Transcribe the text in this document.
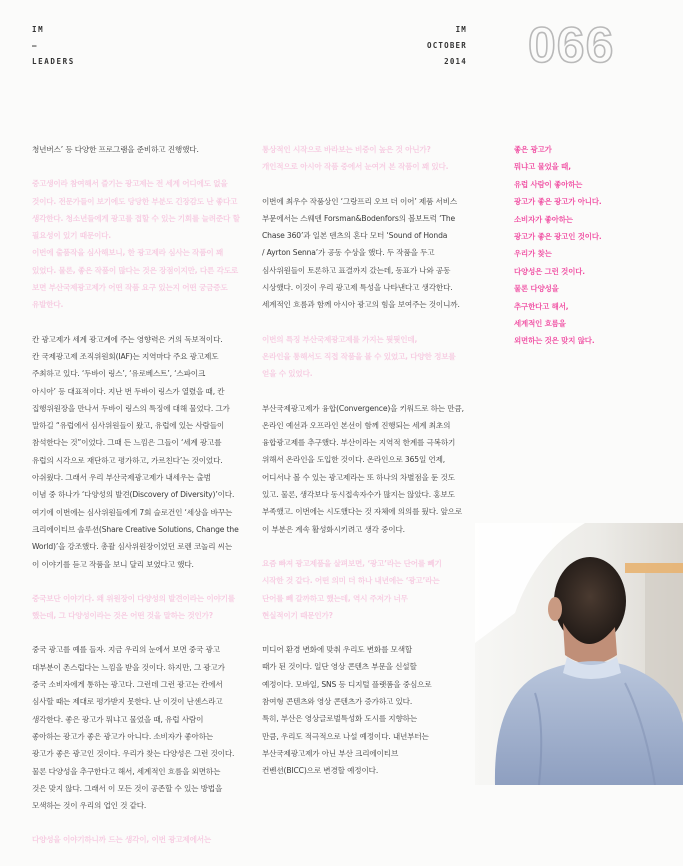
IM
–
LEADERS
IM
OCTOBER
2014 066
청년버스’ 등 다양한 프로그램을 준비하고 진행했다.
중고생이라 참여해서 즐기는 광고제는 전 세계 어디에도 없을
것이다. 전문가들이 보기에도 당당한 부분도 긴장감도 난 좋다고
생각한다. 청소년들에게 광고를 접할 수 있는 기회를 늘려준다 할
필요성이 있기 때문이다.
이번에 출품작을 심사해보니, 한 광고제라 심사는 작품이 꽤
있었다. 물론, 좋은 작품이 많다는 것은 장점이지만, 다른 각도로
보면 부산국제광고제가 어떤 작품 요구 있는지 어떤 궁금증도
유발한다.
칸 광고제가 세계 광고계에 주는 영향력은 거의 독보적이다.
칸 국제광고제 조직위원회(IAF)는 지역마다 주요 광고제도
주최하고 있다. ‘두바이 링스’, ‘유로베스트’, ‘스파이크
아시아’ 등 대표적이다. 지난 번 두바이 링스가 열렸을 때, 칸
집행위원장을 만나서 두바이 링스의 특징에 대해 물었다. 그가
말하길 “유럽에서 심사위원들이 왔고, 유럽에 있는 사람들이
참석한다는 것”이었다. 그때 든 느낌은 그들이 ‘세계 광고를
유럽의 시각으로 재단하고 평가하고, 가르친다’는 것이었다.
아쉬웠다. 그래서 우리 부산국제광고제가 내세우는 출범
이념 중 하나가 ‘다양성의 발견(Discovery of Diversity)’이다.
여기에 이번에는 심사위원들에게 7회 슬로건인 ‘세상을 바꾸는
크리에이티브 솔루션(Share Creative Solutions, Change the
World)’을 강조했다. 총괄 심사위원장이었던 로렌 코놀리 씨는
이 이야기를 듣고 작품을 보니 달리 보였다고 했다.
중국보단 이야기다. 왜 위원장이 다양성의 발견이라는 이야기를
했는데, 그 다양성이라는 것은 어떤 것을 말하는 것인가?
중국 광고를 예를 들자. 지금 우리의 눈에서 보면 중국 광고
대부분이 촌스럽다는 느낌을 받을 것이다. 하지만, 그 광고가
중국 소비자에게 통하는 광고다. 그런데 그런 광고는 칸에서
심사할 때는 제대로 평가받지 못한다. 난 이것이 난센스라고
생각한다. 좋은 광고가 뭐냐고 물었을 때, 유럽 사람이
좋아하는 광고가 좋은 광고가 아니다. 소비자가 좋아하는
광고가 좋은 광고인 것이다. 우리가 찾는 다양성은 그런 것이다.
물론 다양성을 추구한다고 해서, 세계적인 흐름을 외면하는
것은 맞지 않다. 그래서 이 모든 것이 공존할 수 있는 방법을
모색하는 것이 우리의 업인 것 같다.
다양성을 이야기하니까 드는 생각이, 이번 광고제에서는
통상적인 시작으로 바라보는 비중이 높은 것 아닌가?
개인적으로 아시아 작품 중에서 눈여겨 본 작품이 꽤 있다.
이번에 최우수 작품상인 ‘그랑프리 오브 더 이어’ 제품 서비스
부문에서는 스웨덴 Forsman&Bodenfors의 볼보트럭 ‘The
Chase 360’과 일본 덴츠의 혼다 모터 ‘Sound of Honda
/ Ayrton Senna’가 공동 수상을 했다. 두 작품을 두고
심사위원들이 토론하고 표결까지 갔는데, 동표가 나와 공동
시상했다. 이것이 우리 광고제 특성을 나타낸다고 생각한다.
세계적인 흐름과 함께 아시아 광고의 힘을 보여주는 것이니까.
이번의 특징 부산국제광고제를 가지는 뭣뭣인데,
온라인을 통해서도 직접 작품을 볼 수 있었고, 다양한 정보를
얻을 수 있었다.
부산국제광고제가 융합(Convergence)을 키워드로 하는 만큼,
온라인 예선과 오프라인 본선이 함께 진행되는 세계 최초의
융합광고제를 추구했다. 부산이라는 지역적 한계를 극복하기
위해서 온라인을 도입한 것이다. 온라인으로 365일 언제,
어디서나 볼 수 있는 광고제라는 또 하나의 차별점을 둔 것도
있고. 물론, 생각보다 동시접속자수가 많지는 않았다. 홍보도
부족했고. 이번에는 시도했다는 것 자체에 의의를 뒀다. 앞으로
이 부분은 계속 활성화시키려고 생각 중이다.
요즘 빠져 광고제품을 살펴보면, ‘광고’라는 단어를 빼기
시작한 것 같다. 어떤 의미 더 하나 내년에는 ‘광고’라는
단어를 빼 갈까하고 했는데, 역시 주저가 너무
현실적이기 때문인가?
미디어 환경 변화에 맞춰 우리도 변화를 모색할
때가 된 것이다. 일단 영상 콘텐츠 부문을 신설할
예정이다. 모바일, SNS 등 디지털 플랫폼을 중심으로
참여형 콘텐츠와 영상 콘텐츠가 증가하고 있다.
특히, 부산은 영상글로벌특성화 도시를 지향하는
만큼, 우리도 적극적으로 나설 예정이다. 내년부터는
부산국제광고제가 아닌 부산 크리에이티브
컨벤션(BICC)으로 변경할 예정이다.
좋은 광고가
뭐냐고 물었을 때,
유럽 사람이 좋아하는
광고가 좋은 광고가 아니다.
소비자가 좋아하는
광고가 좋은 광고인 것이다.
우리가 찾는
다양성은 그런 것이다.
물론 다양성을
추구한다고 해서,
세계적인 흐름을
외면하는 것은 맞지 않다.
